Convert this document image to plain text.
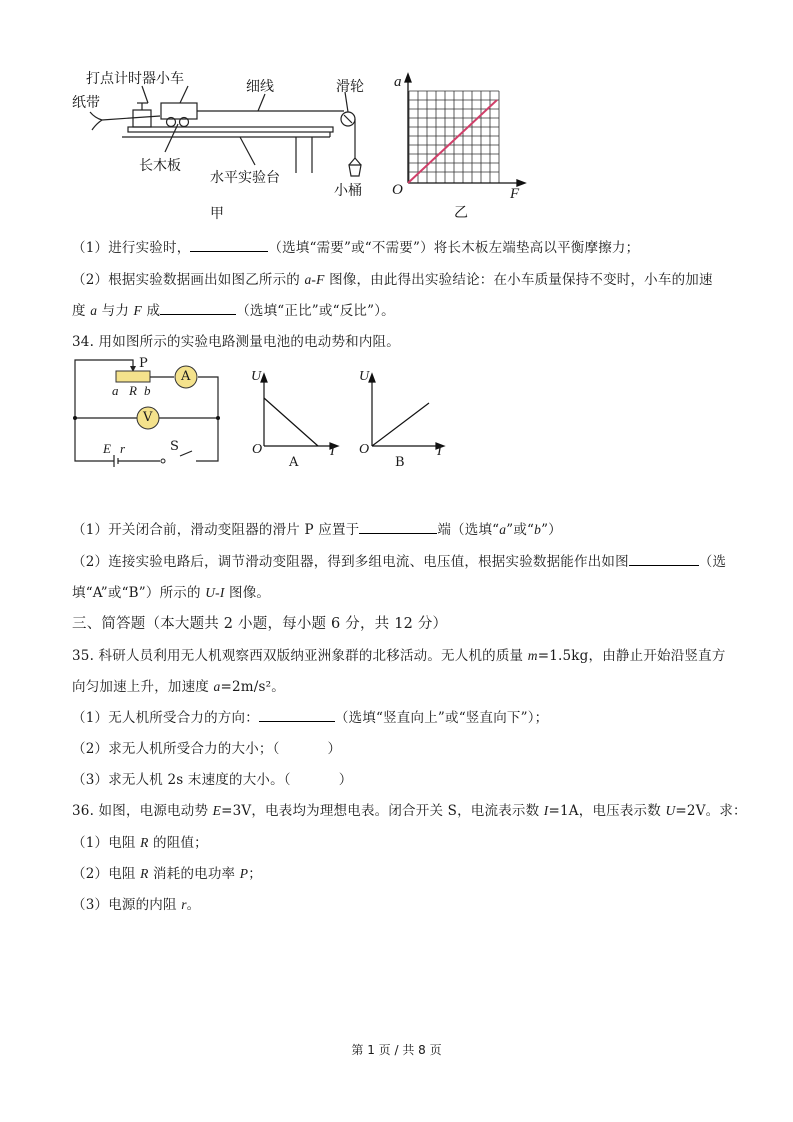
打点计时器小车
纸带
细线	滑轮
长木板
水平实验台
小桶
甲
a
O	F
乙
（1）进行实验时，	（选填“需要”或“不需要”）将长木板左端垫高以平衡摩擦力；
（2）根据实验数据画出如图乙所示的 a-F 图像，由此得出实验结论：在小车质量保持不变时，小车的加速
度 a 与力 F 成	（选填“正比”或“反比”）。
34. 用如图所示的实验电路测量电池的电动势和内阻。
P
a R b
A
V
E r	S
U
O	I
A
U
O	I
B
（1）开关闭合前，滑动变阻器的滑片 P 应置于	端（选填“a”或“b”）
（2）连接实验电路后，调节滑动变阻器，得到多组电流、电压值，根据实验数据能作出如图	（选
填“A”或“B”）所示的 U-I 图像。
三、简答题（本大题共 2 小题，每小题 6 分，共 12 分）
35. 科研人员利用无人机观察西双版纳亚洲象群的北移活动。无人机的质量 m=1.5kg，由静止开始沿竖直方
向匀加速上升，加速度 a=2m/s²。
（1）无人机所受合力的方向：	（选填“竖直向上”或“竖直向下”）；
（2）求无人机所受合力的大小；（	）
（3）求无人机 2s 末速度的大小。（	）
36. 如图，电源电动势 E=3V，电表均为理想电表。闭合开关 S，电流表示数 I=1A，电压表示数 U=2V。求：
（1）电阻 R 的阻值；
（2）电阻 R 消耗的电功率 P；
（3）电源的内阻 r。
第 1 页 / 共 8 页
